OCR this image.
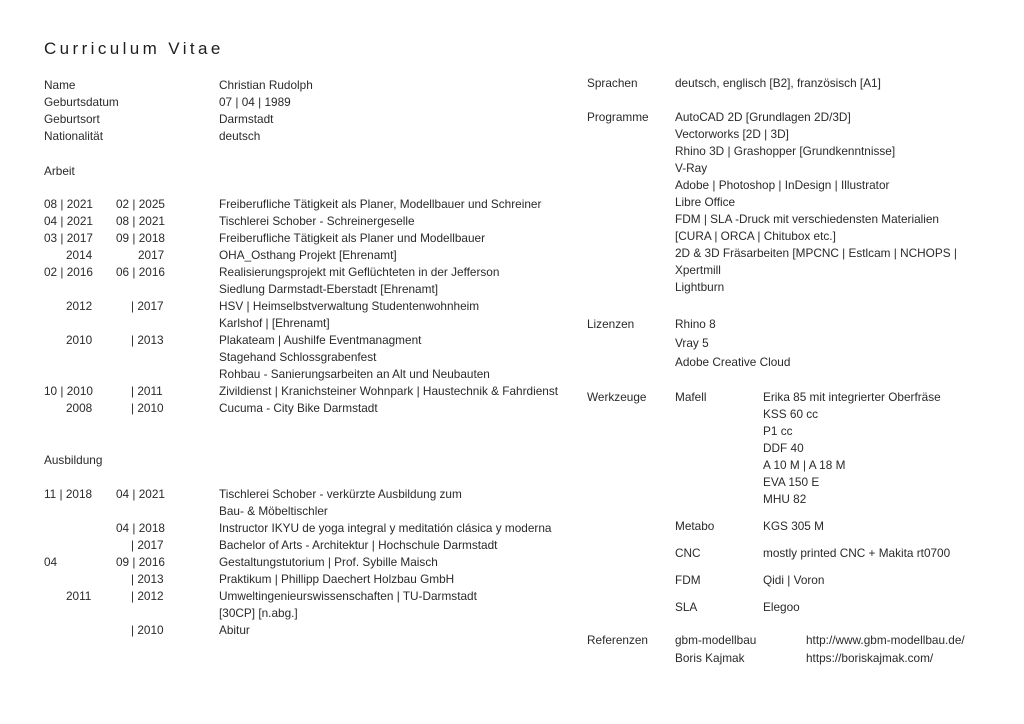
Curriculum Vitae
Name	Christian Rudolph
Geburtsdatum	07 | 04 | 1989
Geburtsort	Darmstadt
Nationalität	deutsch
Arbeit
08 | 2021 02 | 2025	Freiberufliche Tätigkeit als Planer, Modellbauer und Schreiner
04 | 2021 08 | 2021	Tischlerei Schober - Schreinergeselle
03 | 2017 09 | 2018	Freiberufliche Tätigkeit als Planer und Modellbauer
2014	2017	OHA_Osthang Projekt [Ehrenamt]
02 | 2016 06 | 2016	Realisierungsprojekt mit Geflüchteten in der Jefferson
Siedlung Darmstadt-Eberstadt [Ehrenamt]
2012	| 2017	HSV | Heimselbstverwaltung Studentenwohnheim
Karlshof | [Ehrenamt]
2010	| 2013	Plakateam | Aushilfe Eventmanagment
Stagehand Schlossgrabenfest
Rohbau - Sanierungsarbeiten an Alt und Neubauten
10 | 2010	| 2011	Zivildienst | Kranichsteiner Wohnpark | Haustechnik & Fahrdienst
2008	| 2010	Cucuma - City Bike Darmstadt
Ausbildung
11 | 2018 04 | 2021	Tischlerei Schober - verkürzte Ausbildung zum
Bau- & Möbeltischler
04 | 2018	Instructor IKYU de yoga integral y meditatión clásica y moderna
| 2017	Bachelor of Arts - Architektur | Hochschule Darmstadt
04	09 | 2016	Gestaltungstutorium | Prof. Sybille Maisch
| 2013	Praktikum | Phillipp Daechert Holzbau GmbH
2011	| 2012	Umweltingenieurswissenschaften | TU-Darmstadt
[30CP] [n.abg.]
| 2010	Abitur
Sprachen	deutsch, englisch [B2], französisch [A1]
Programme AutoCAD 2D [Grundlagen 2D/3D]
Vectorworks [2D | 3D]
Rhino 3D | Grashopper [Grundkenntnisse]
V-Ray
Adobe | Photoshop | InDesign | Illustrator
Libre Office
FDM | SLA -Druck mit verschiedensten Materialien
[CURA | ORCA | Chitubox etc.]
2D & 3D Fräsarbeiten [MPCNC | Estlcam | NCHOPS |
Xpertmill
Lightburn
Lizenzen	Rhino 8
Vray 5
Adobe Creative Cloud
Werkzeuge Mafell	Erika 85 mit integrierter Oberfräse
KSS 60 cc
P1 cc
DDF 40
A 10 M | A 18 M
EVA 150 E
MHU 82
Metabo	KGS 305 M
CNC	mostly printed CNC + Makita rt0700
FDM	Qidi | Voron
SLA	Elegoo
Referenzen gbm-modellbau	http://www.gbm-modellbau.de/
Boris Kajmak	https://boriskajmak.com/
